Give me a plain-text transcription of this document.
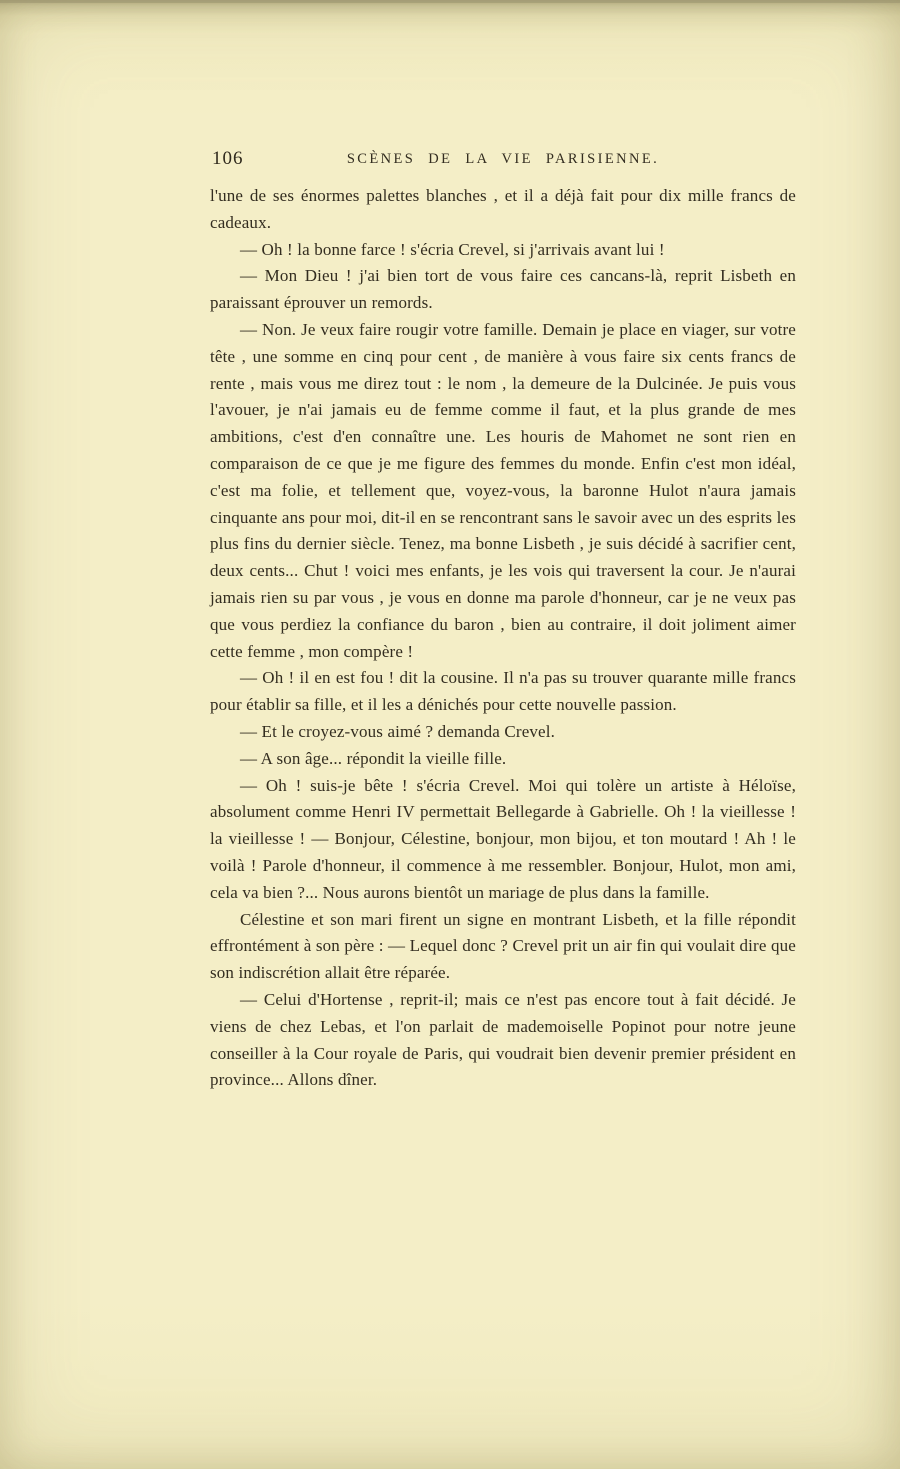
106	SCÈNES DE LA VIE PARISIENNE.

l'une de ses énormes palettes blanches , et il a déjà fait pour dix mille francs de cadeaux.

— Oh ! la bonne farce ! s'écria Crevel, si j'arrivais avant lui !

— Mon Dieu ! j'ai bien tort de vous faire ces cancans-là, reprit Lisbeth en paraissant éprouver un remords.

— Non. Je veux faire rougir votre famille. Demain je place en viager, sur votre tête , une somme en cinq pour cent , de manière à vous faire six cents francs de rente , mais vous me direz tout : le nom , la demeure de la Dulcinée. Je puis vous l'avouer, je n'ai jamais eu de femme comme il faut, et la plus grande de mes ambitions, c'est d'en connaître une. Les houris de Mahomet ne sont rien en comparaison de ce que je me figure des femmes du monde. Enfin c'est mon idéal, c'est ma folie, et tellement que, voyez-vous, la baronne Hulot n'aura jamais cinquante ans pour moi, dit-il en se rencontrant sans le savoir avec un des esprits les plus fins du dernier siècle. Tenez, ma bonne Lisbeth , je suis décidé à sacrifier cent, deux cents... Chut ! voici mes enfants, je les vois qui traversent la cour. Je n'aurai jamais rien su par vous , je vous en donne ma parole d'honneur, car je ne veux pas que vous perdiez la confiance du baron , bien au contraire, il doit joliment aimer cette femme , mon compère !

— Oh ! il en est fou ! dit la cousine. Il n'a pas su trouver quarante mille francs pour établir sa fille, et il les a dénichés pour cette nouvelle passion.

— Et le croyez-vous aimé ? demanda Crevel.

— A son âge... répondit la vieille fille.

— Oh ! suis-je bête ! s'écria Crevel. Moi qui tolère un artiste à Héloïse, absolument comme Henri IV permettait Bellegarde à Gabrielle. Oh ! la vieillesse ! la vieillesse ! — Bonjour, Célestine, bonjour, mon bijou, et ton moutard ! Ah ! le voilà ! Parole d'honneur, il commence à me ressembler. Bonjour, Hulot, mon ami, cela va bien ?... Nous aurons bientôt un mariage de plus dans la famille.

Célestine et son mari firent un signe en montrant Lisbeth, et la fille répondit effrontément à son père : — Lequel donc ? Crevel prit un air fin qui voulait dire que son indiscrétion allait être réparée.

— Celui d'Hortense , reprit-il; mais ce n'est pas encore tout à fait décidé. Je viens de chez Lebas, et l'on parlait de mademoiselle Popinot pour notre jeune conseiller à la Cour royale de Paris, qui voudrait bien devenir premier président en province... Allons dîner.
